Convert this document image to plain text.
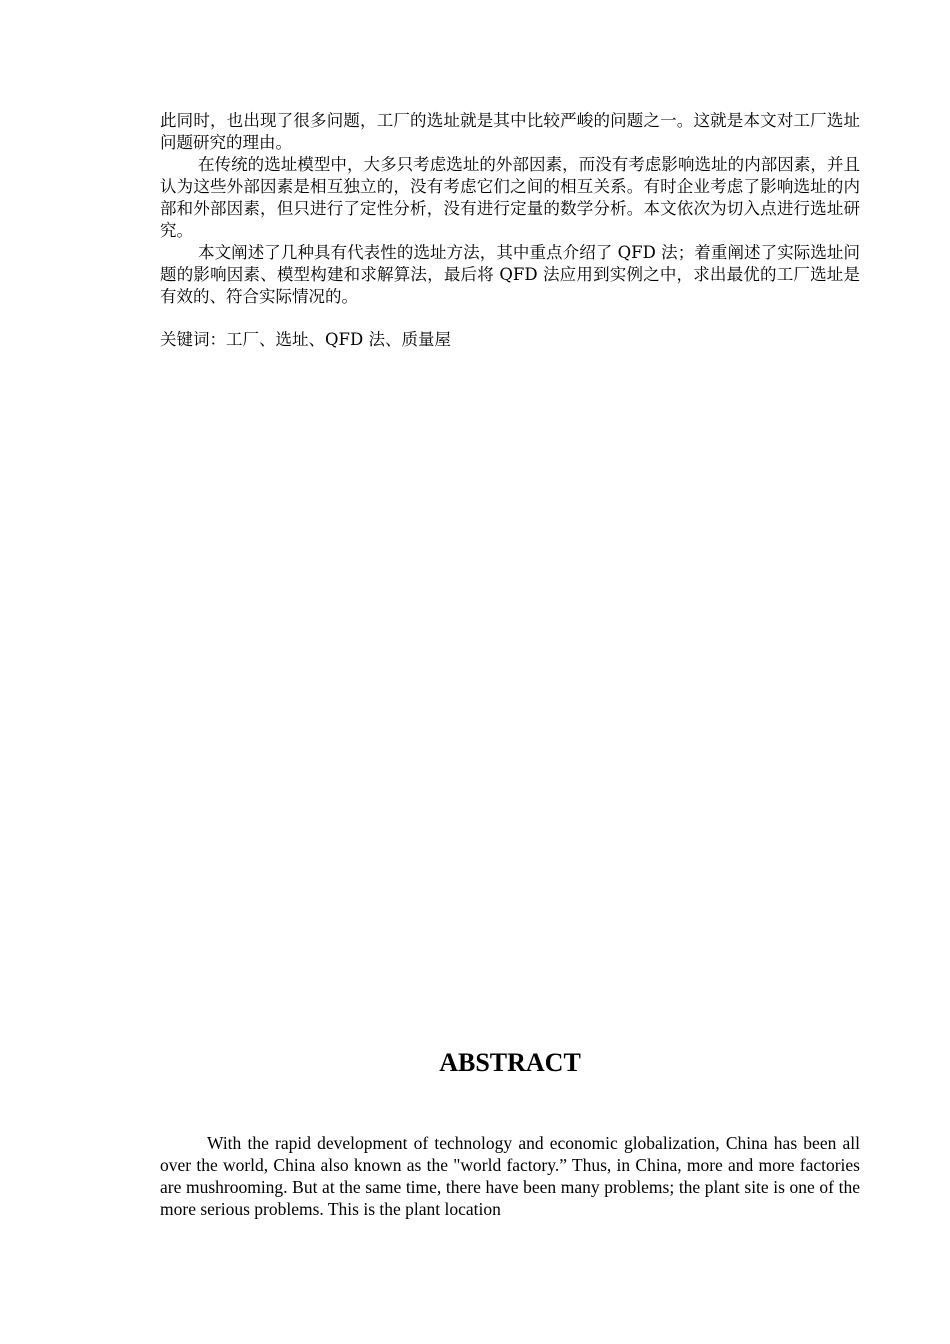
此同时，也出现了很多问题，工厂的选址就是其中比较严峻的问题之一。这就是本文对工厂选址问题研究的理由。

在传统的选址模型中，大多只考虑选址的外部因素，而没有考虑影响选址的内部因素，并且认为这些外部因素是相互独立的，没有考虑它们之间的相互关系。有时企业考虑了影响选址的内部和外部因素，但只进行了定性分析，没有进行定量的数学分析。本文依次为切入点进行选址研究。

本文阐述了几种具有代表性的选址方法，其中重点介绍了 QFD 法；着重阐述了实际选址问题的影响因素、模型构建和求解算法，最后将 QFD 法应用到实例之中，求出最优的工厂选址是有效的、符合实际情况的。

关键词：工厂、选址、QFD 法、质量屋
ABSTRACT

With the rapid development of technology and economic globalization, China has been all over the world, China also known as the "world factory.” Thus, in China, more and more factories are mushrooming. But at the same time, there have been many problems; the plant site is one of the more serious problems. This is the plant location
